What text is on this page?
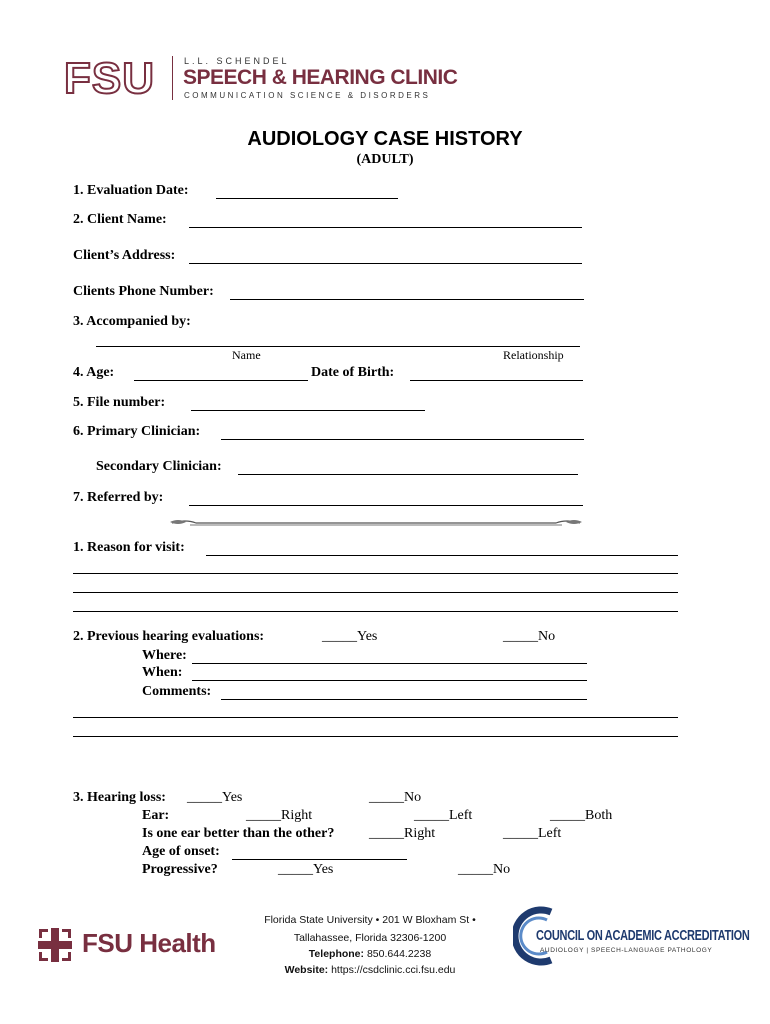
FSU	L.L. SCHENDEL
SPEECH & HEARING CLINIC
COMMUNICATION SCIENCE & DISORDERS
AUDIOLOGY CASE HISTORY
(ADULT)
1. Evaluation Date:
2. Client Name:
Client’s Address:
Clients Phone Number:
3. Accompanied by:
Name	Relationship
4. Age:	Date of Birth:
5. File number:
6. Primary Clinician:
Secondary Clinician:
7. Referred by:
1. Reason for visit:
2. Previous hearing evaluations:	_____Yes	_____No
Where:
When:
Comments:
3. Hearing loss: _____Yes	_____No
Ear:	_____Right	_____Left	_____Both
Is one ear better than the other? _____Right	_____Left
Age of onset:
Progressive?	_____Yes	_____No
FSU Health
Florida State University • 201 W Bloxham St •
Tallahassee, Florida 32306-1200
Telephone: 850.644.2238
Website: https://csdclinic.cci.fsu.edu
COUNCIL ON ACADEMIC ACCREDITATION
AUDIOLOGY | SPEECH-LANGUAGE PATHOLOGY
